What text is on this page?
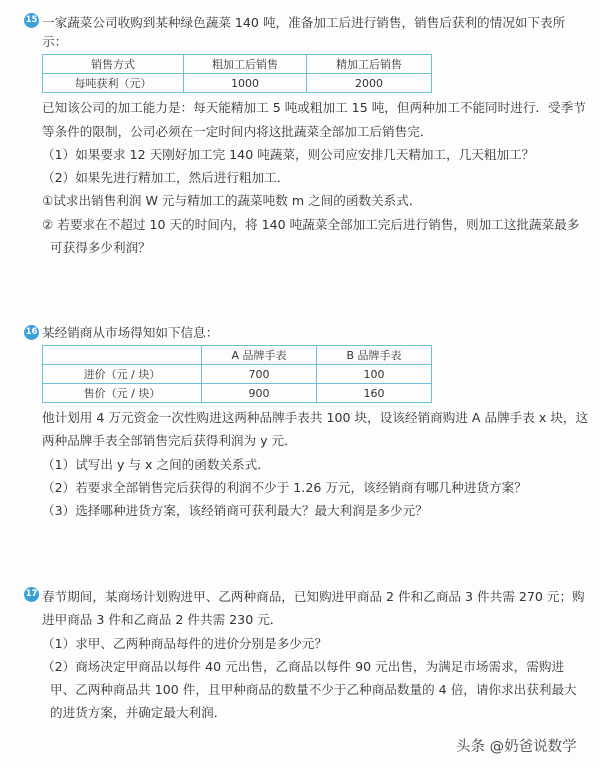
15 一家蔬菜公司收购到某种绿色蔬菜 140 吨，准备加工后进行销售，销售后获利的情况如下表所
示：
销售方式	粗加工后销售	精加工后销售
每吨获利（元）	1000	2000
已知该公司的加工能力是：每天能精加工 5 吨或粗加工 15 吨，但两种加工不能同时进行．受季节
等条件的限制，公司必须在一定时间内将这批蔬菜全部加工后销售完．
（1）如果要求 12 天刚好加工完 140 吨蔬菜，则公司应安排几天精加工，几天粗加工？
（2）如果先进行精加工，然后进行粗加工．
①试求出销售利润 W 元与精加工的蔬菜吨数 m 之间的函数关系式．
② 若要求在不超过 10 天的时间内，将 140 吨蔬菜全部加工完后进行销售，则加工这批蔬菜最多
可获得多少利润？
16 某经销商从市场得知如下信息：
	A 品牌手表	B 品牌手表
进价（元 / 块）	700	100
售价（元 / 块）	900	160
他计划用 4 万元资金一次性购进这两种品牌手表共 100 块，设该经销商购进 A 品牌手表 x 块，这
两种品牌手表全部销售完后获得利润为 y 元．
（1）试写出 y 与 x 之间的函数关系式．
（2）若要求全部销售完后获得的利润不少于 1.26 万元，该经销商有哪几种进货方案？
（3）选择哪种进货方案，该经销商可获利最大？最大利润是多少元？
17 春节期间，某商场计划购进甲、乙两种商品，已知购进甲商品 2 件和乙商品 3 件共需 270 元；购
进甲商品 3 件和乙商品 2 件共需 230 元．
（1）求甲、乙两种商品每件的进价分别是多少元？
（2）商场决定甲商品以每件 40 元出售，乙商品以每件 90 元出售，为满足市场需求，需购进
甲、乙两种商品共 100 件，且甲种商品的数量不少于乙种商品数量的 4 倍，请你求出获利最大
的进货方案，并确定最大利润．
头条 @奶爸说数学
